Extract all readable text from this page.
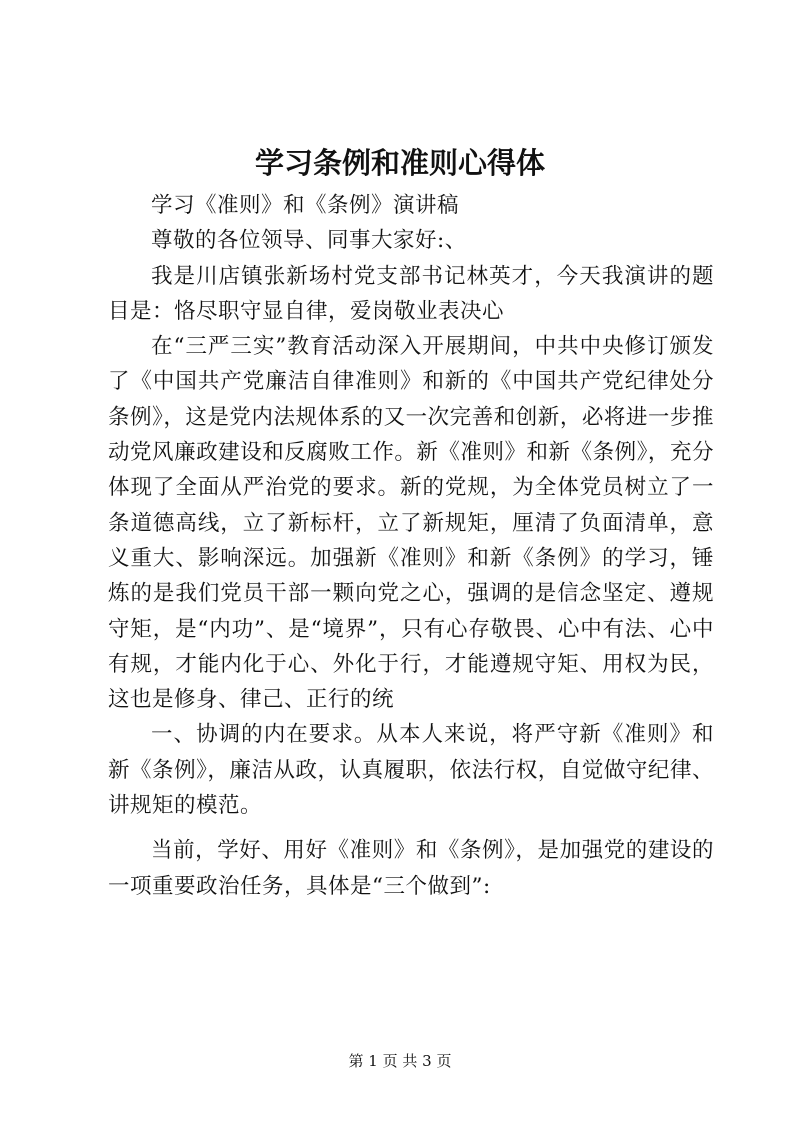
学习条例和准则心得体

学习《准则》和《条例》演讲稿

尊敬的各位领导、同事大家好:、

我是川店镇张新场村党支部书记林英才，今天我演讲的题目是：恪尽职守显自律，爱岗敬业表决心

在“三严三实”教育活动深入开展期间，中共中央修订颁发了《中国共产党廉洁自律准则》和新的《中国共产党纪律处分条例》，这是党内法规体系的又一次完善和创新，必将进一步推动党风廉政建设和反腐败工作。新《准则》和新《条例》，充分体现了全面从严治党的要求。新的党规，为全体党员树立了一条道德高线，立了新标杆，立了新规矩，厘清了负面清单，意义重大、影响深远。加强新《准则》和新《条例》的学习，锤炼的是我们党员干部一颗向党之心，强调的是信念坚定、遵规守矩，是“内功”、是“境界”，只有心存敬畏、心中有法、心中有规，才能内化于心、外化于行，才能遵规守矩、用权为民，这也是修身、律己、正行的统

一、协调的内在要求。从本人来说，将严守新《准则》和新《条例》，廉洁从政，认真履职，依法行权，自觉做守纪律、讲规矩的模范。

当前，学好、用好《准则》和《条例》，是加强党的建设的一项重要政治任务，具体是“三个做到”:

第 1 页 共 3 页
